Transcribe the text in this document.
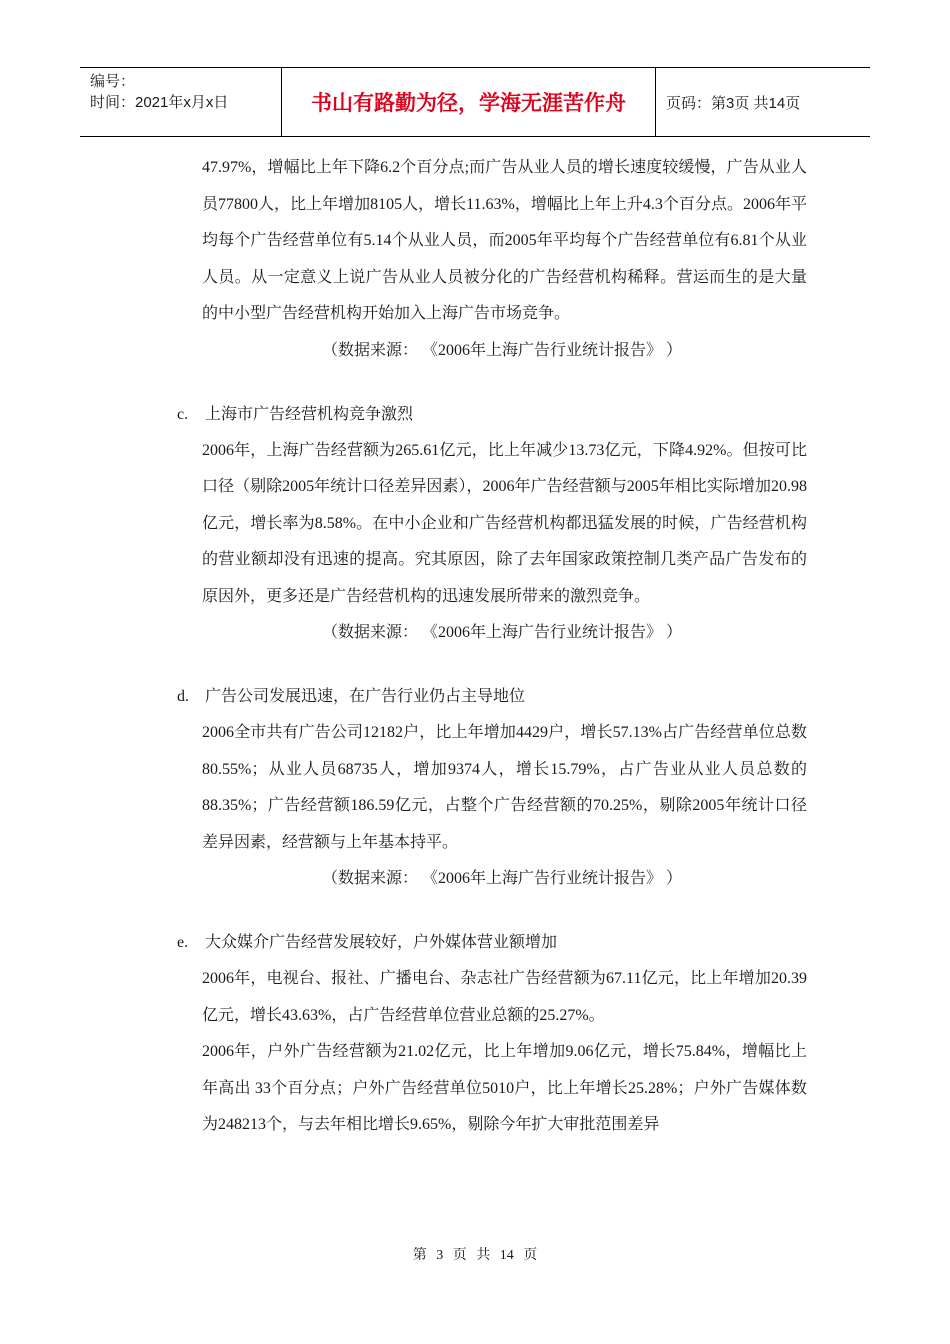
编号：
时间：2021年x月x日	书山有路勤为径，学海无涯苦作舟	页码：第3页 共14页
47.97%，增幅比上年下降6.2个百分点;而广告从业人员的增长速度较缓慢，广告从业人员77800人，比上年增加8105人，增长11.63%，增幅比上年上升4.3个百分点。2006年平均每个广告经营单位有5.14个从业人员，而2005年平均每个广告经营单位有6.81个从业人员。从一定意义上说广告从业人员被分化的广告经营机构稀释。营运而生的是大量的中小型广告经营机构开始加入上海广告市场竞争。
（数据来源： 《2006年上海广告行业统计报告》 ）
c.	上海市广告经营机构竞争激烈
2006年，上海广告经营额为265.61亿元，比上年减少13.73亿元，下降4.92%。但按可比口径（剔除2005年统计口径差异因素），2006年广告经营额与2005年相比实际增加20.98亿元，增长率为8.58%。在中小企业和广告经营机构都迅猛发展的时候，广告经营机构的营业额却没有迅速的提高。究其原因，除了去年国家政策控制几类产品广告发布的原因外，更多还是广告经营机构的迅速发展所带来的激烈竞争。
（数据来源： 《2006年上海广告行业统计报告》 ）
d.	广告公司发展迅速，在广告行业仍占主导地位
2006全市共有广告公司12182户，比上年增加4429户，增长57.13%占广告经营单位总数80.55%；从业人员68735人，增加9374人，增长15.79%，占广告业从业人员总数的88.35%；广告经营额186.59亿元，占整个广告经营额的70.25%，剔除2005年统计口径差异因素，经营额与上年基本持平。
（数据来源： 《2006年上海广告行业统计报告》 ）
e.	大众媒介广告经营发展较好，户外媒体营业额增加
2006年，电视台、报社、广播电台、杂志社广告经营额为67.11亿元，比上年增加20.39亿元，增长43.63%，占广告经营单位营业总额的25.27%。
2006年，户外广告经营额为21.02亿元，比上年增加9.06亿元，增长75.84%，增幅比上年高出 33个百分点；户外广告经营单位5010户，比上年增长25.28%；户外广告媒体数为248213个，与去年相比增长9.65%，剔除今年扩大审批范围差异
第 3 页 共 14 页
